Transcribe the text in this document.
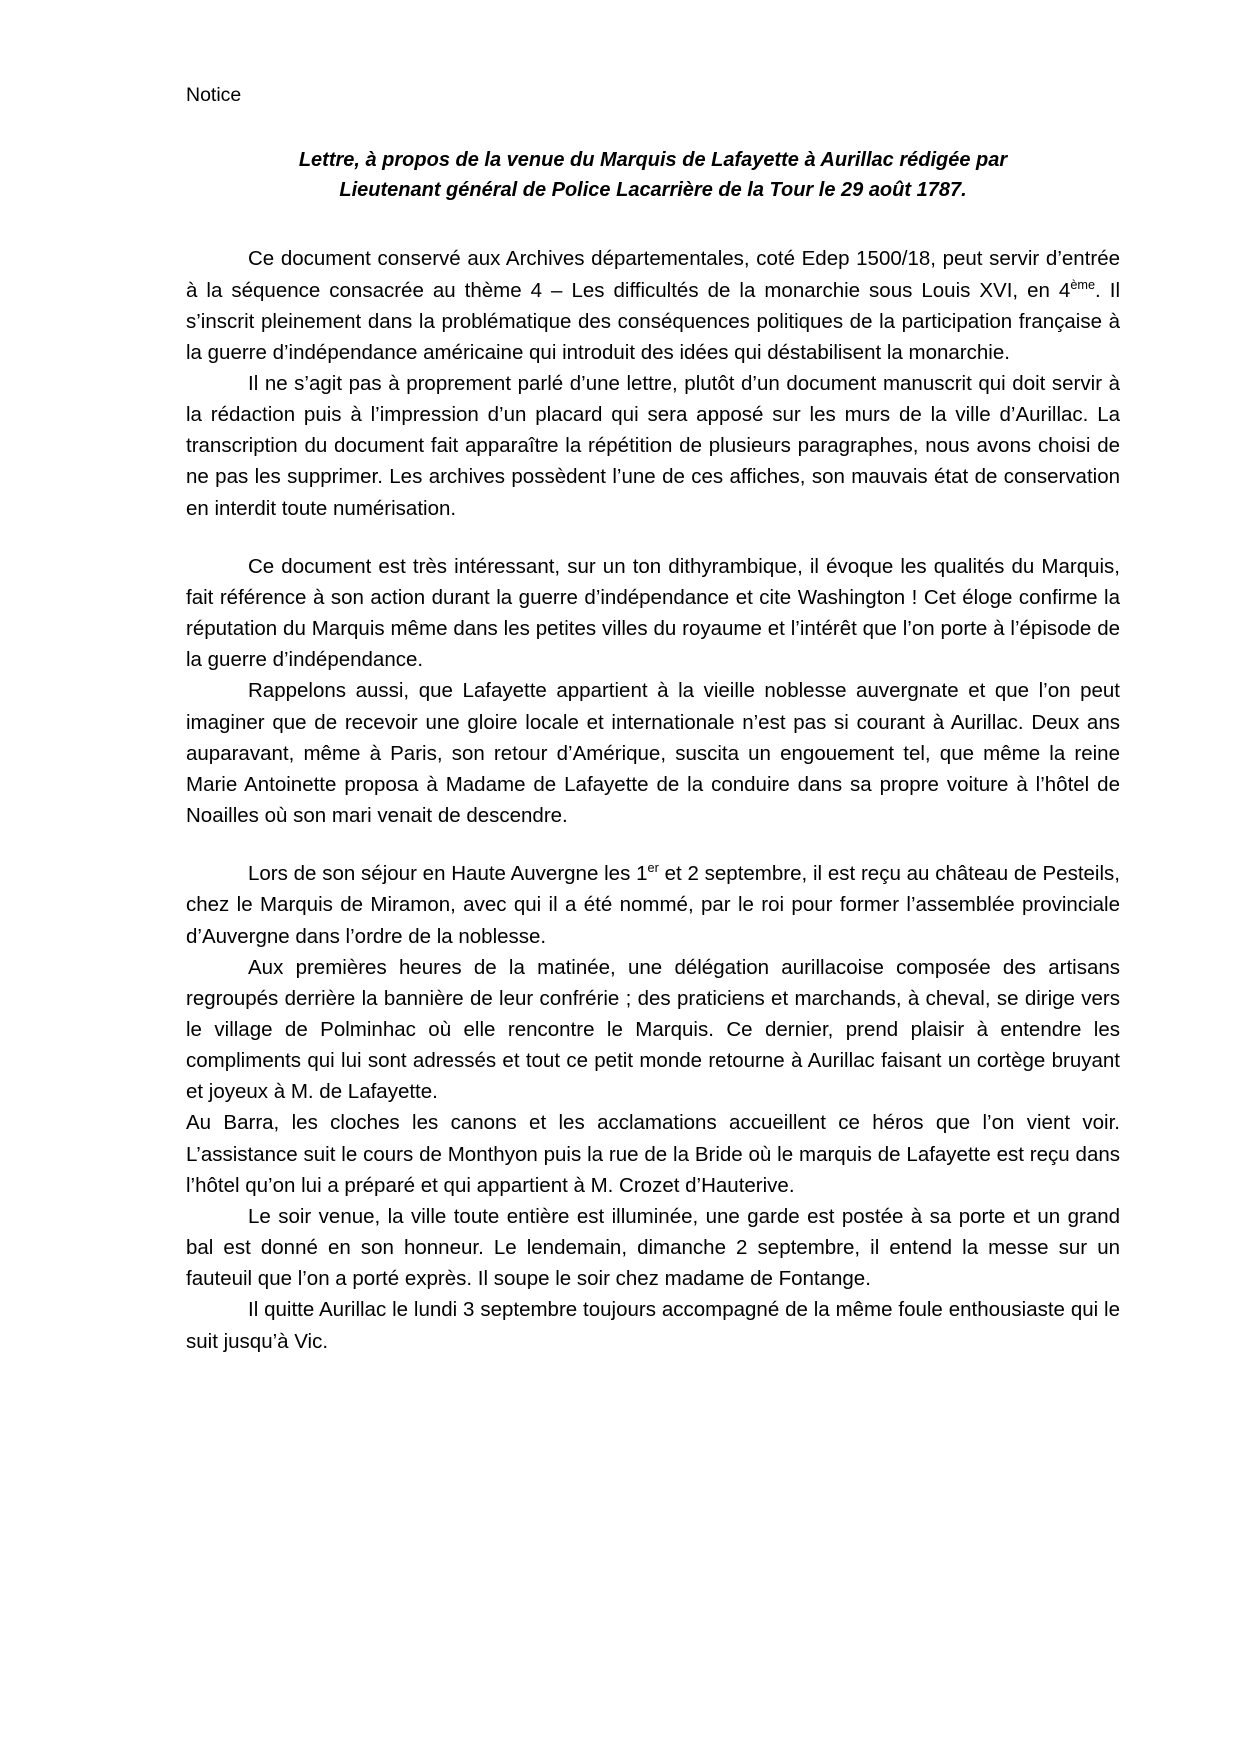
Notice
Lettre, à propos de la venue du Marquis de Lafayette à Aurillac rédigée par
Lieutenant général de Police Lacarrière de la Tour le 29 août 1787.

Ce document conservé aux Archives départementales, coté Edep 1500/18, peut servir d’entrée à la séquence consacrée au thème 4 – Les difficultés de la monarchie sous Louis XVI, en 4ème. Il s’inscrit pleinement dans la problématique des conséquences politiques de la participation française à la guerre d’indépendance américaine qui introduit des idées qui déstabilisent la monarchie.

Il ne s’agit pas à proprement parlé d’une lettre, plutôt d’un document manuscrit qui doit servir à la rédaction puis à l’impression d’un placard qui sera apposé sur les murs de la ville d’Aurillac. La transcription du document fait apparaître la répétition de plusieurs paragraphes, nous avons choisi de ne pas les supprimer. Les archives possèdent l’une de ces affiches, son mauvais état de conservation en interdit toute numérisation.

Ce document est très intéressant, sur un ton dithyrambique, il évoque les qualités du Marquis, fait référence à son action durant la guerre d’indépendance et cite Washington ! Cet éloge confirme la réputation du Marquis même dans les petites villes du royaume et l’intérêt que l’on porte à l’épisode de la guerre d’indépendance.

Rappelons aussi, que Lafayette appartient à la vieille noblesse auvergnate et que l’on peut imaginer que de recevoir une gloire locale et internationale n’est pas si courant à Aurillac. Deux ans auparavant, même à Paris, son retour d’Amérique, suscita un engouement tel, que même la reine Marie Antoinette proposa à Madame de Lafayette de la conduire dans sa propre voiture à l’hôtel de Noailles où son mari venait de descendre.

Lors de son séjour en Haute Auvergne les 1er et 2 septembre, il est reçu au château de Pesteils, chez le Marquis de Miramon, avec qui il a été nommé, par le roi pour former l’assemblée provinciale d’Auvergne dans l’ordre de la noblesse.

Aux premières heures de la matinée, une délégation aurillacoise composée des artisans regroupés derrière la bannière de leur confrérie ; des praticiens et marchands, à cheval, se dirige vers le village de Polminhac où elle rencontre le Marquis. Ce dernier, prend plaisir à entendre les compliments qui lui sont adressés et tout ce petit monde retourne à Aurillac faisant un cortège bruyant et joyeux à M. de Lafayette.

Au Barra, les cloches les canons et les acclamations accueillent ce héros que l’on vient voir. L’assistance suit le cours de Monthyon puis la rue de la Bride où le marquis de Lafayette est reçu dans l’hôtel qu’on lui a préparé et qui appartient à M. Crozet d’Hauterive.

Le soir venue, la ville toute entière est illuminée, une garde est postée à sa porte et un grand bal est donné en son honneur. Le lendemain, dimanche 2 septembre, il entend la messe sur un fauteuil que l’on a porté exprès. Il soupe le soir chez madame de Fontange.

Il quitte Aurillac le lundi 3 septembre toujours accompagné de la même foule enthousiaste qui le suit jusqu’à Vic.
